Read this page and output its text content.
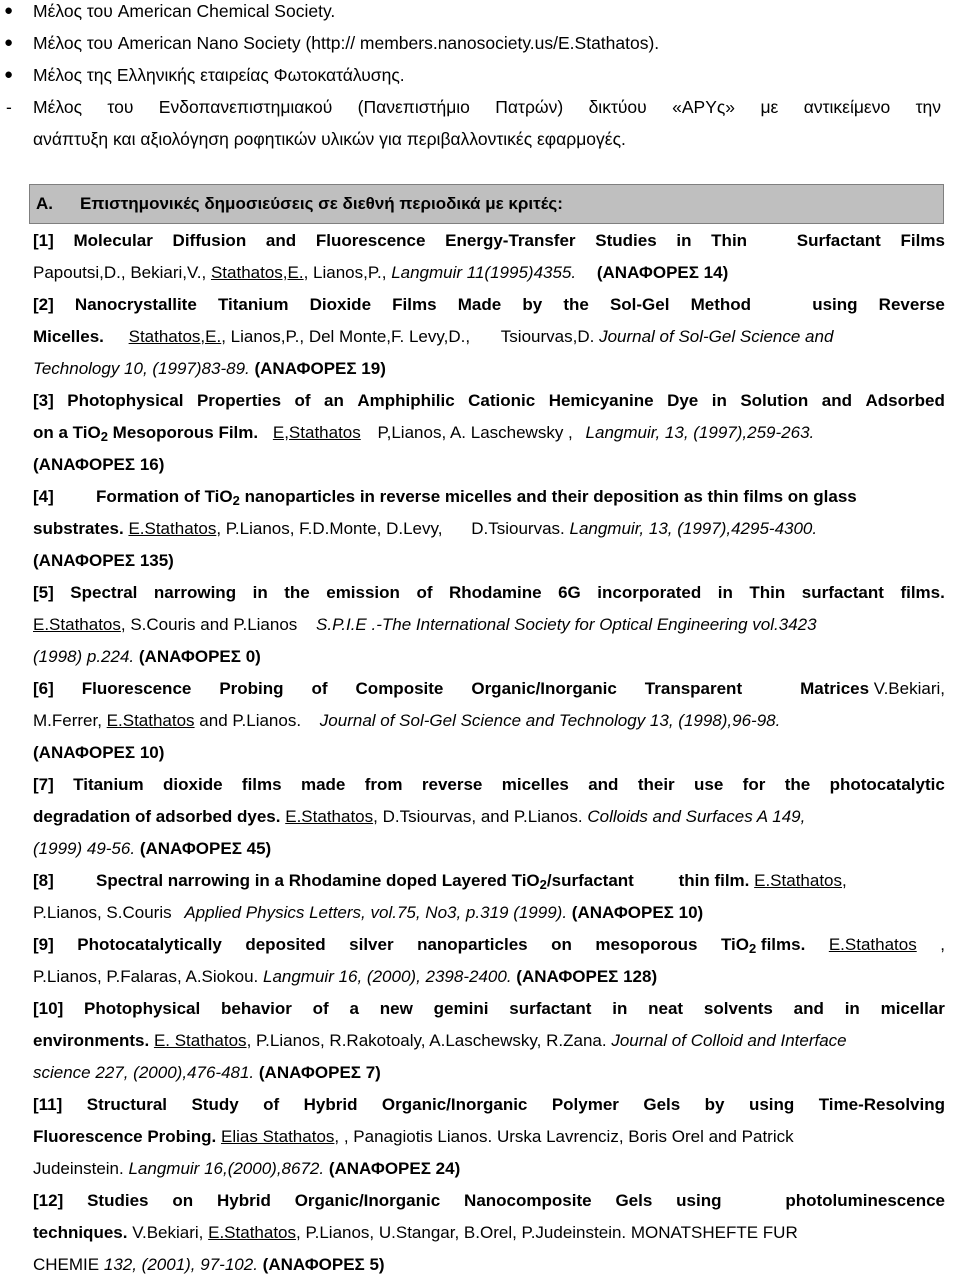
● Μέλος του American Chemical Society.
● Μέλος του American Nano Society (http:// members.nanosociety.us/E.Stathatos).
● Μέλος της Ελληνικής εταιρείας Φωτοκατάλυσης.
- Μέλος του Ενδοπανεπιστημιακού (Πανεπιστήμιο Πατρών) δικτύου «ΑΡΥς» με αντικείμενο την
ανάπτυξη και αξιολόγηση ροφητικών υλικών για περιβαλλοντικές εφαρμογές.
Α. Επιστημονικές δημοσιεύσεις σε διεθνή περιοδικά με κριτές:
[1] Molecular Diffusion and Fluorescence Energy-Transfer Studies in Thin	Surfactant Films
Papoutsi,D., Bekiari,V., Stathatos,E., Lianos,P., Langmuir 11(1995)4355. (ΑΝΑΦΟΡΕΣ 14)
[2] Nanocrystallite Titanium Dioxide Films Made by the Sol-Gel Method	using Reverse
Micelles. Stathatos,E., Lianos,P., Del Monte,F. Levy,D., Tsiourvas,D. Journal of Sol-Gel Science and
Technology 10, (1997)83-89. (ΑΝΑΦΟΡΕΣ 19)
[3] Photophysical Properties of an Amphiphilic Cationic Hemicyanine Dye in Solution and Adsorbed
on a TiO$_2$ Mesoporous Film. E,Stathatos P,Lianos, A. Laschewsky , Langmuir, 13, (1997),259-263.
(ΑΝΑΦΟΡΕΣ 16)
[4] Formation of TiO$_2$ nanoparticles in reverse micelles and their deposition as thin films on glass
substrates. E.Stathatos, P.Lianos, F.D.Monte, D.Levy, D.Tsiourvas. Langmuir, 13, (1997),4295-4300.
(ΑΝΑΦΟΡΕΣ 135)
[5] Spectral narrowing in the emission of Rhodamine 6G incorporated in Thin surfactant films.
E.Stathatos, S.Couris and P.Lianos S.P.I.E .-The International Society for Optical Engineering vol.3423
(1998) p.224. (ΑΝΑΦΟΡΕΣ 0)
[6] Fluorescence Probing of Composite Organic/Inorganic Transparent	Matrices V.Bekiari,
M.Ferrer, E.Stathatos and P.Lianos. Journal of Sol-Gel Science and Technology 13, (1998),96-98.
(ΑΝΑΦΟΡΕΣ 10)
[7] Titanium dioxide films made from reverse micelles and their use for the photocatalytic
degradation of adsorbed dyes. E.Stathatos, D.Tsiourvas, and P.Lianos. Colloids and Surfaces A 149,
(1999) 49-56. (ΑΝΑΦΟΡΕΣ 45)
[8] Spectral narrowing in a Rhodamine doped Layered TiO$_2$/surfactant	thin film. E.Stathatos,
P.Lianos, S.Couris Applied Physics Letters, vol.75, No3, p.319 (1999). (ΑΝΑΦΟΡΕΣ 10)
[9] Photocatalytically deposited silver nanoparticles on mesoporous TiO$_2$ films. E.Stathatos ,
P.Lianos, P.Falaras, A.Siokou. Langmuir 16, (2000), 2398-2400. (ΑΝΑΦΟΡΕΣ 128)
[10] Photophysical behavior of a new gemini surfactant in neat solvents and in micellar
environments. E. Stathatos, P.Lianos, R.Rakotoaly, A.Laschewsky, R.Zana. Journal of Colloid and Interface
science 227, (2000),476-481. (ΑΝΑΦΟΡΕΣ 7)
[11] Structural Study of Hybrid Organic/Inorganic Polymer Gels by using Time-Resolving
Fluorescence Probing. Elias Stathatos, , Panagiotis Lianos. Urska Lavrenciz, Boris Orel and Patrick
Judeinstein. Langmuir 16,(2000),8672. (ΑΝΑΦΟΡΕΣ 24)
[12] Studies on Hybrid Organic/Inorganic Nanocomposite Gels using	photoluminescence
techniques. V.Bekiari, E.Stathatos, P.Lianos, U.Stangar, B.Orel, P.Judeinstein. MONATSHEFTE FUR
CHEMIE 132, (2001), 97-102. (ΑΝΑΦΟΡΕΣ 5)
